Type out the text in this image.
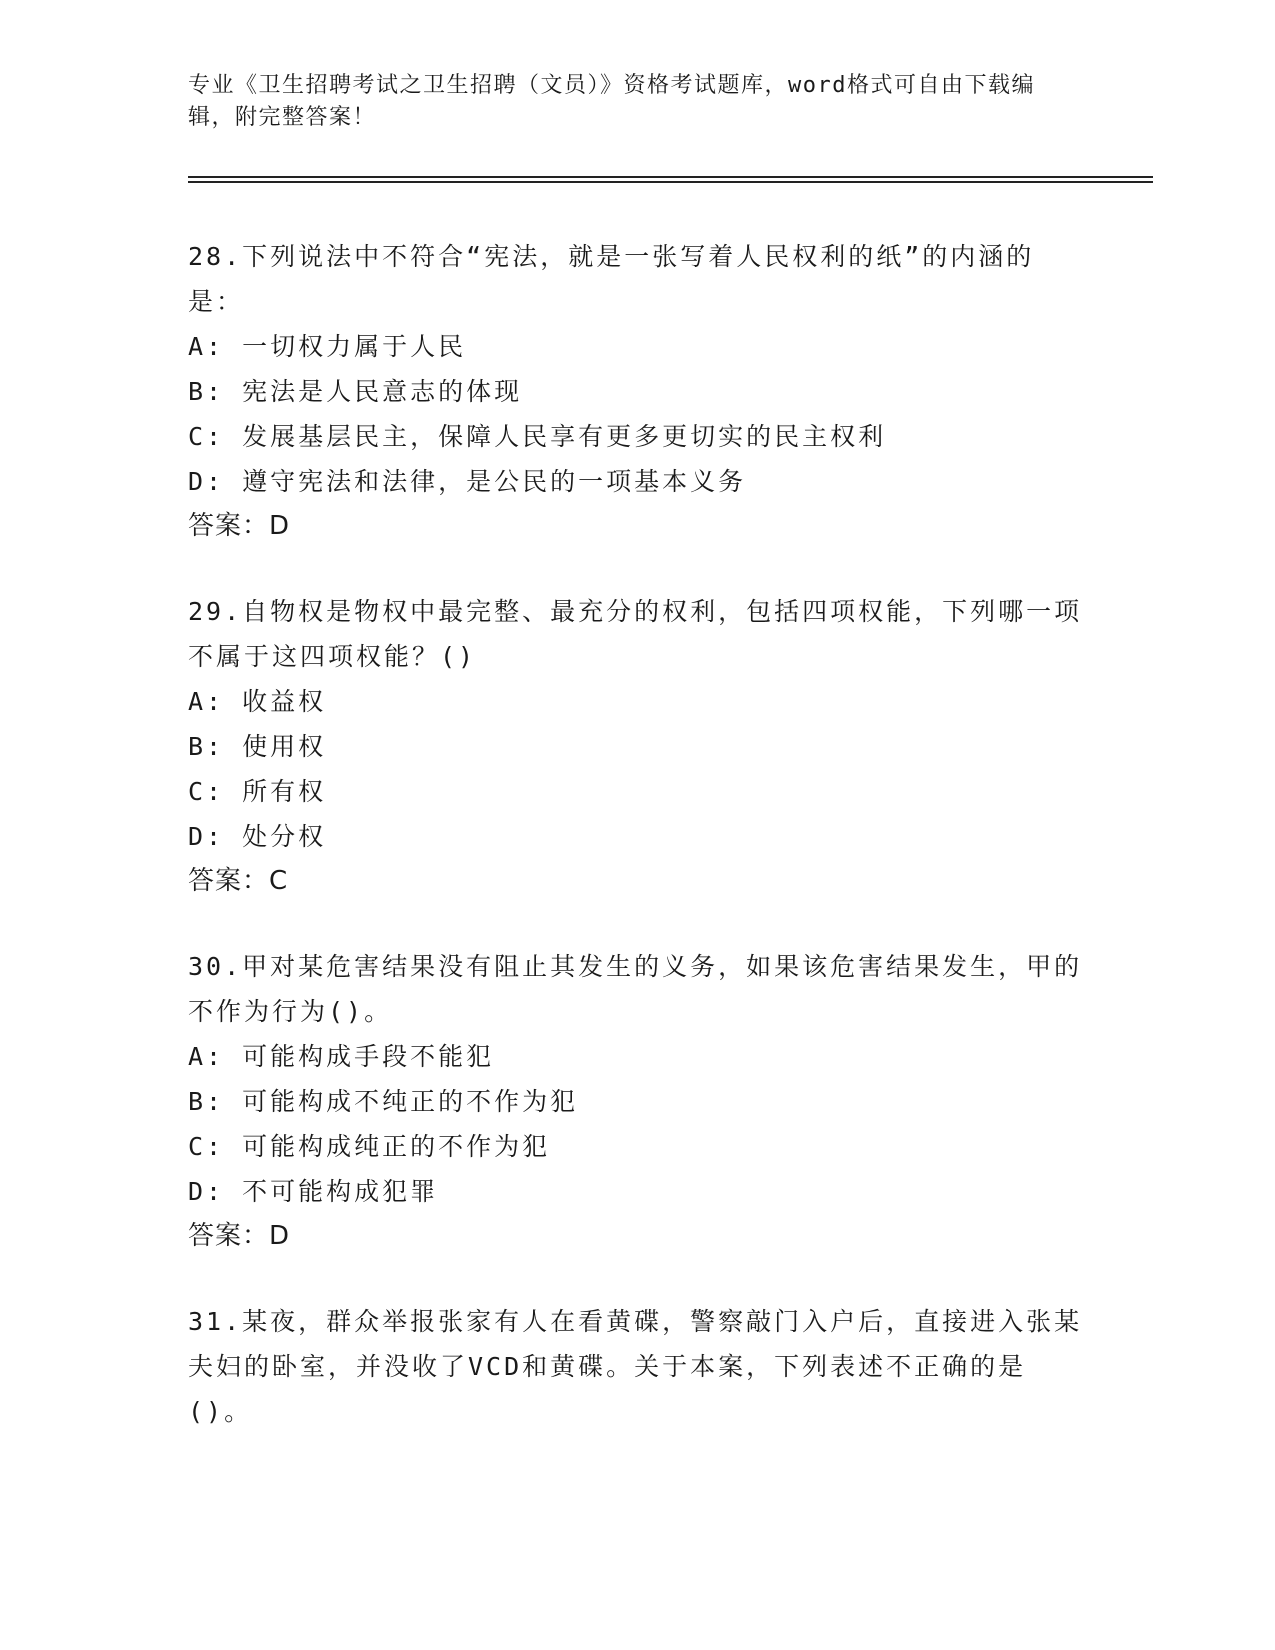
专业《卫生招聘考试之卫生招聘（文员）》资格考试题库，word格式可自由下载编辑，附完整答案！
28.下列说法中不符合“宪法，就是一张写着人民权利的纸”的内涵的是：
A: 一切权力属于人民
B: 宪法是人民意志的体现
C: 发展基层民主，保障人民享有更多更切实的民主权利
D: 遵守宪法和法律，是公民的一项基本义务
答案：D
29.自物权是物权中最完整、最充分的权利，包括四项权能，下列哪一项不属于这四项权能？()
A: 收益权
B: 使用权
C: 所有权
D: 处分权
答案：C
30.甲对某危害结果没有阻止其发生的义务，如果该危害结果发生，甲的不作为行为()。
A: 可能构成手段不能犯
B: 可能构成不纯正的不作为犯
C: 可能构成纯正的不作为犯
D: 不可能构成犯罪
答案：D
31.某夜，群众举报张家有人在看黄碟，警察敲门入户后，直接进入张某夫妇的卧室，并没收了VCD和黄碟。关于本案，下列表述不正确的是()。
